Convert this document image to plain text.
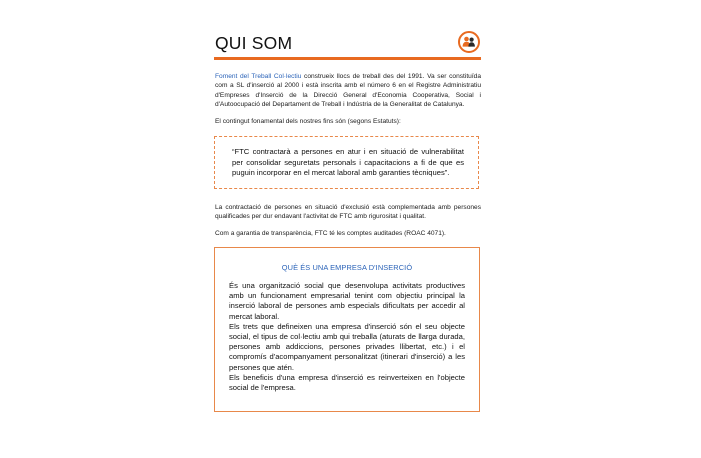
QUI SOM
Foment del Treball Col·lectiu construeix llocs de treball des del 1991. Va ser constituïda com a SL d'inserció al 2000 i està inscrita amb el número 6 en el Registre Administratiu d'Empreses d'Inserció de la Direcció General d'Economia Cooperativa, Social i d'Autoocupació del Departament de Treball i Indústria de la Generalitat de Catalunya.
El contingut fonamental dels nostres fins són (segons Estatuts):
“FTC contractarà a persones en atur i en situació de vulnerabilitat per consolidar seguretats personals i capacitacions a fi de que es puguin incorporar en el mercat laboral amb garanties tècniques”.
La contractació de persones en situació d'exclusió està complementada amb persones qualificades per dur endavant l'activitat de FTC amb rigurositat i qualitat.
Com a garantia de transparència, FTC té les comptes auditades (ROAC 4071).
QUÈ ÉS UNA EMPRESA D'INSERCIÓ

És una organització social que desenvolupa activitats productives amb un funcionament empresarial tenint com objectiu principal la inserció laboral de persones amb especials dificultats per accedir al mercat laboral.

Els trets que defineixen una empresa d'inserció són el seu objecte social, el tipus de col·lectiu amb qui treballa (aturats de llarga durada, persones amb addiccions, persones privades llibertat, etc.) i el compromís d'acompanyament personalitzat (itinerari d'inserció) a les persones que atén.

Els beneficis d'una empresa d'inserció es reinverteixen en l'objecte social de l'empresa.
